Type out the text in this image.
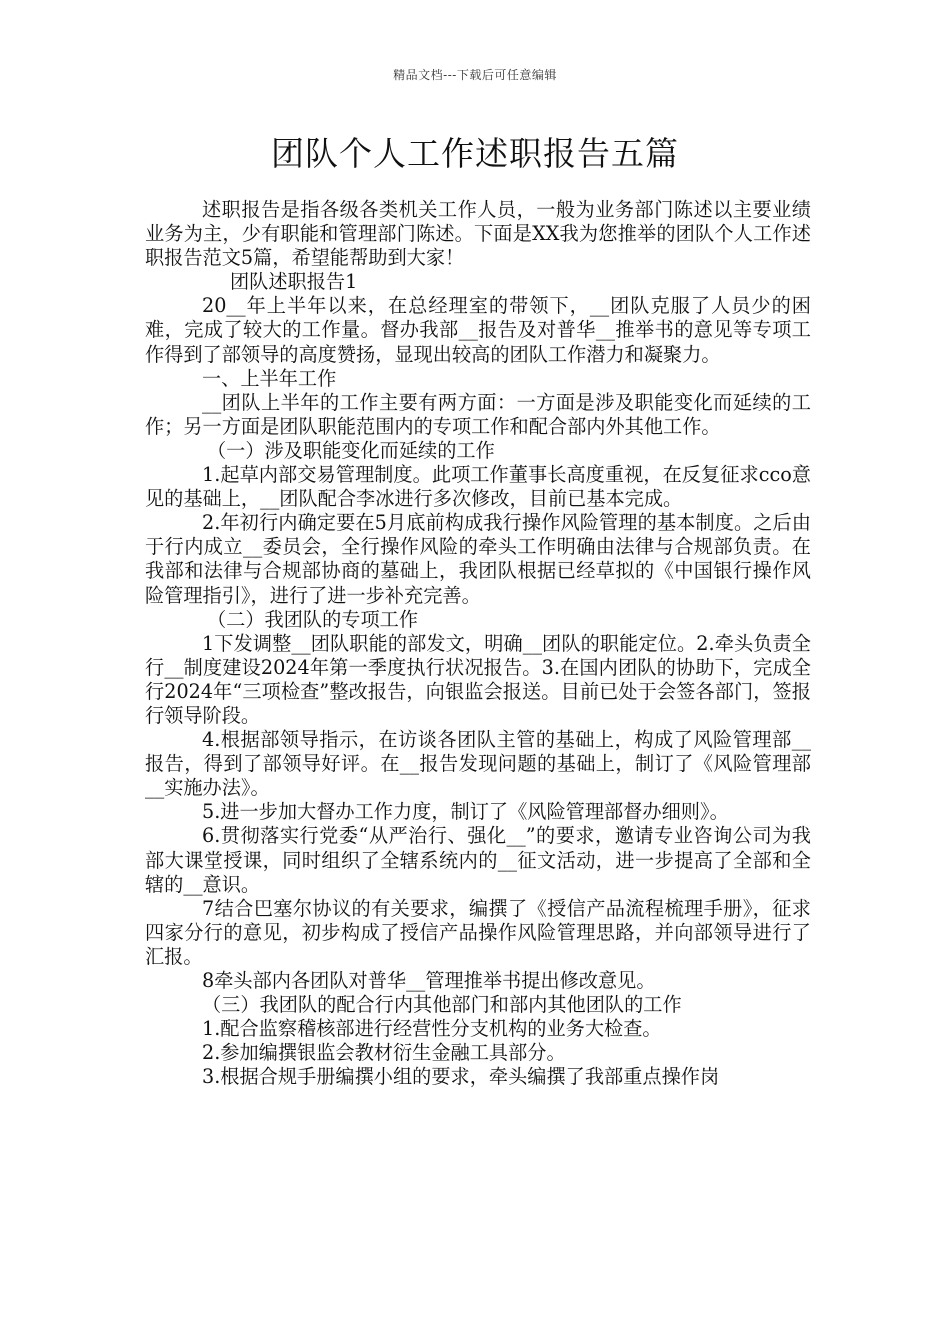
精品文档---下载后可任意编辑
团队个人工作述职报告五篇

述职报告是指各级各类机关工作人员，一般为业务部门陈述以主要业绩业务为主，少有职能和管理部门陈述。下面是XX我为您推举的团队个人工作述职报告范文5篇，希望能帮助到大家！

团队述职报告1

20__年上半年以来，在总经理室的带领下，__团队克服了人员少的困难，完成了较大的工作量。督办我部__报告及对普华__推举书的意见等专项工作得到了部领导的高度赞扬，显现出较高的团队工作潜力和凝聚力。

一、上半年工作

__团队上半年的工作主要有两方面：一方面是涉及职能变化而延续的工作；另一方面是团队职能范围内的专项工作和配合部内外其他工作。

（一）涉及职能变化而延续的工作

1.起草内部交易管理制度。此项工作董事长高度重视，在反复征求cco意见的基础上，__团队配合李冰进行多次修改，目前已基本完成。

2.年初行内确定要在5月底前构成我行操作风险管理的基本制度。之后由于行内成立__委员会，全行操作风险的牵头工作明确由法律与合规部负责。在我部和法律与合规部协商的墓础上，我团队根据已经草拟的《中国银行操作风险管理指引》，进行了进一步补充完善。

（二）我团队的专项工作

1下发调整__团队职能的部发文，明确__团队的职能定位。2.牵头负责全行__制度建设2024年第一季度执行状况报告。3.在国内团队的协助下，完成全行2024年“三项检查”整改报告，向银监会报送。目前已处于会签各部门，签报行领导阶段。

4.根据部领导指示，在访谈各团队主管的基础上，构成了风险管理部__报告，得到了部领导好评。在__报告发现问题的基础上，制订了《风险管理部__实施办法》。

5.进一步加大督办工作力度，制订了《风险管理部督办细则》。

6.贯彻落实行党委“从严治行、强化__”的要求，邀请专业咨询公司为我部大课堂授课，同时组织了全辖系统内的__征文活动，进一步提高了全部和全辖的__意识。

7结合巴塞尔协议的有关要求，编撰了《授信产品流程梳理手册》，征求四家分行的意见，初步构成了授信产品操作风险管理思路，并向部领导进行了汇报。

8牵头部内各团队对普华__管理推举书提出修改意见。

（三）我团队的配合行内其他部门和部内其他团队的工作

1.配合监察稽核部进行经营性分支机构的业务大检查。

2.参加编撰银监会教材衍生金融工具部分。

3.根据合规手册编撰小组的要求，牵头编撰了我部重点操作岗
